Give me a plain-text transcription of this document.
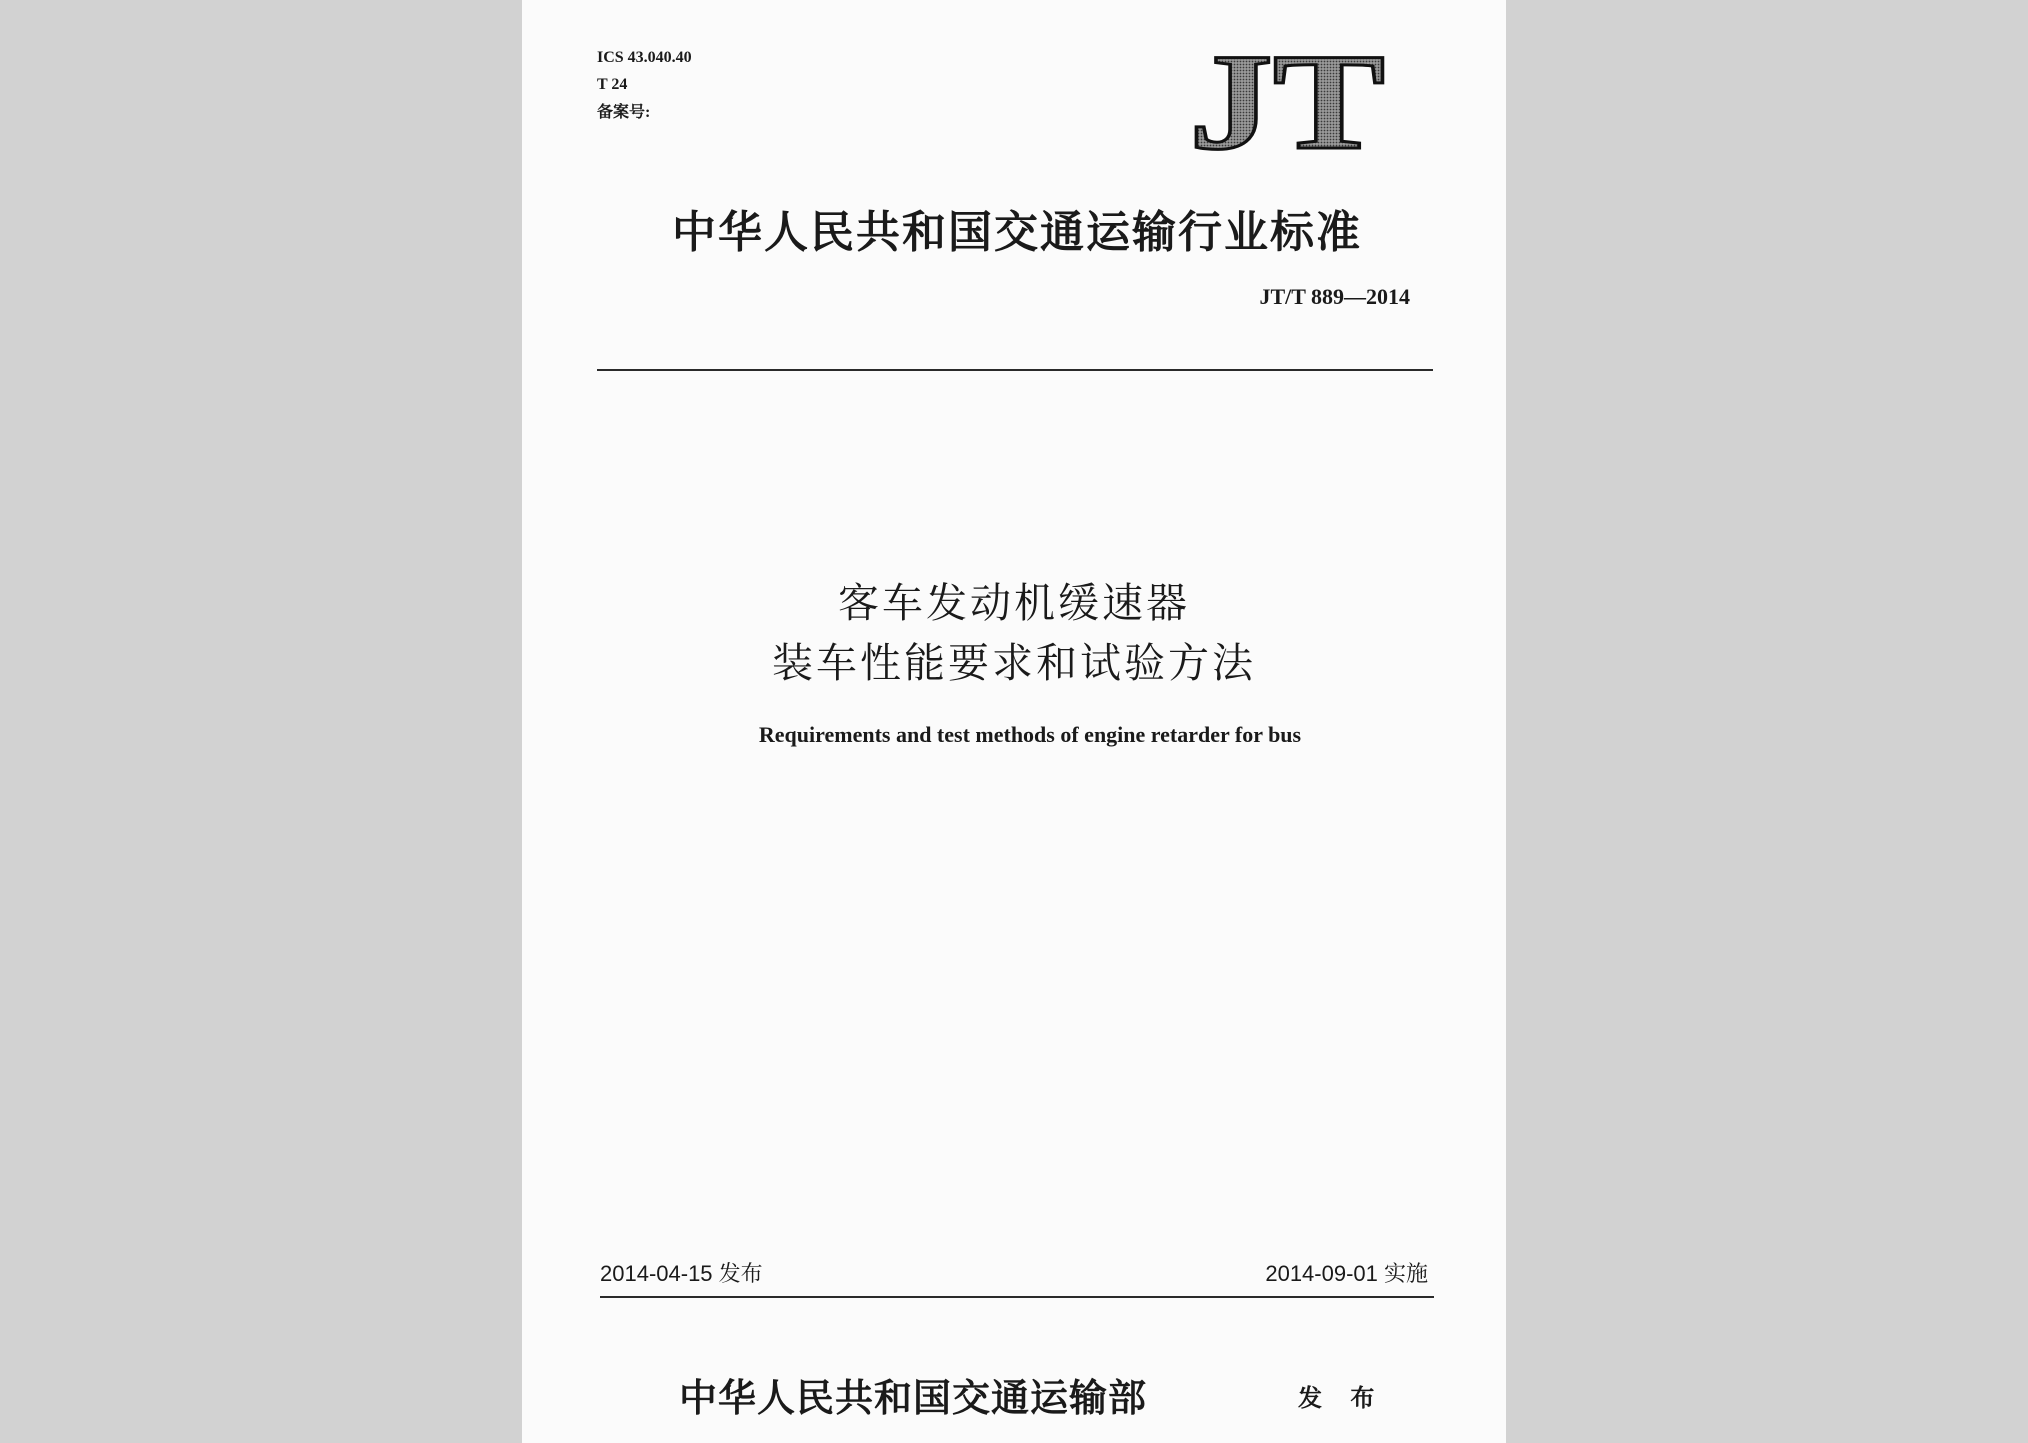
ICS 43.040.40
T 24
备案号:	JT
中华人民共和国交通运输行业标准
JT/T 889—2014
客车发动机缓速器
装车性能要求和试验方法
Requirements and test methods of engine retarder for bus
2014-04-15 发布	2014-09-01 实施
中华人民共和国交通运输部	发 布
